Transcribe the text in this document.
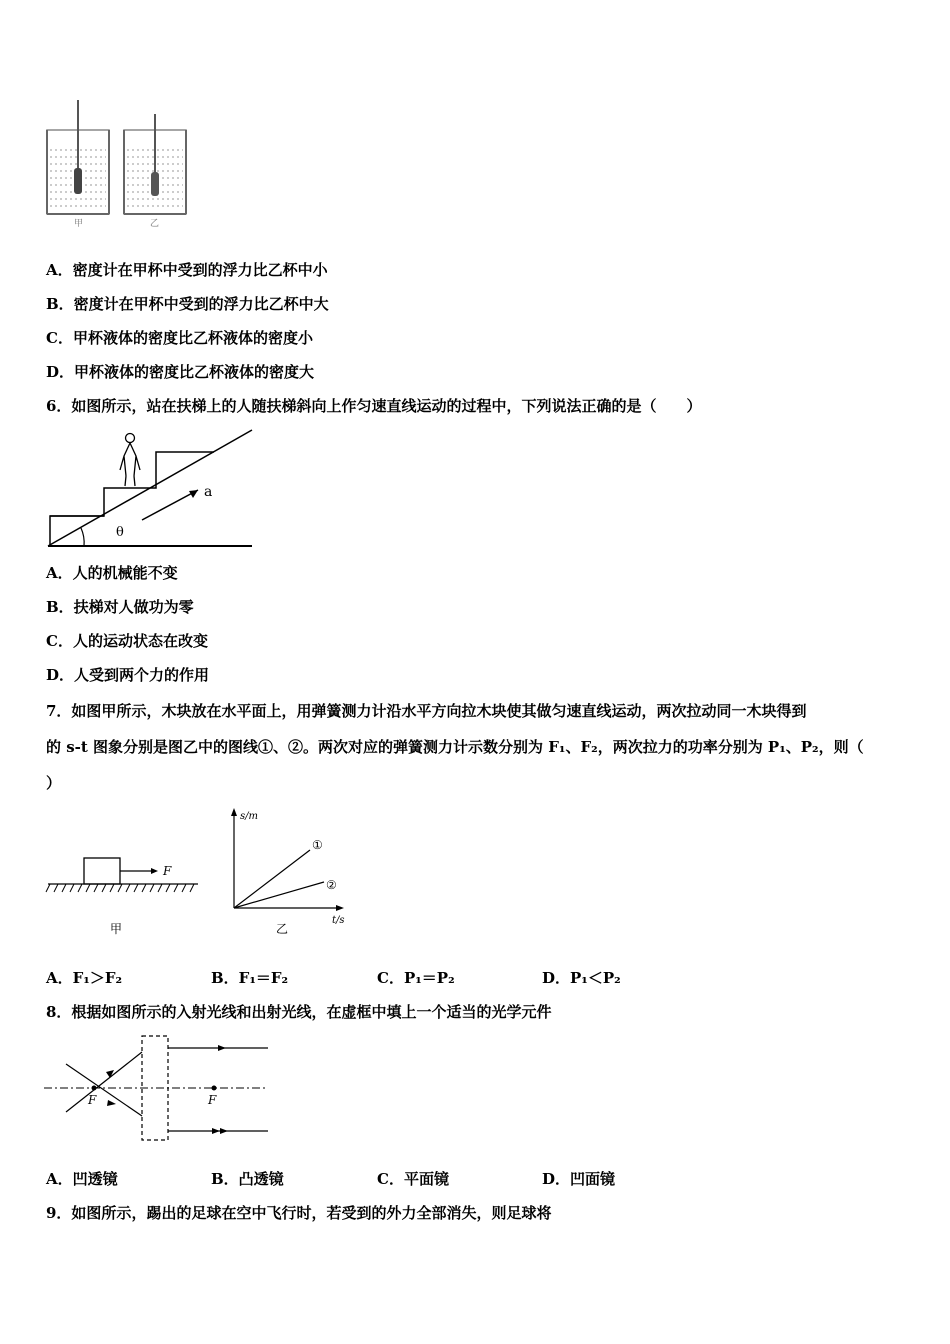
甲	乙
A．密度计在甲杯中受到的浮力比乙杯中小
B．密度计在甲杯中受到的浮力比乙杯中大
C．甲杯液体的密度比乙杯液体的密度小
D．甲杯液体的密度比乙杯液体的密度大
6．如图所示，站在扶梯上的人随扶梯斜向上作匀速直线运动的过程中，下列说法正确的是（　　）
a
θ
A．人的机械能不变
B．扶梯对人做功为零
C．人的运动状态在改变
D．人受到两个力的作用
7．如图甲所示，木块放在水平面上，用弹簧测力计沿水平方向拉木块使其做匀速直线运动，两次拉动同一木块得到
的 s-t 图象分别是图乙中的图线①、②。两次对应的弹簧测力计示数分别为 F₁、F₂，两次拉力的功率分别为 P₁、P₂，则（
）
F
甲
s/m
t/s
①
②
乙
A．F₁＞F₂	B．F₁＝F₂	C．P₁＝P₂	D．P₁＜P₂
8．根据如图所示的入射光线和出射光线，在虚框中填上一个适当的光学元件
F	F
A．凹透镜	B．凸透镜	C．平面镜	D．凹面镜
9．如图所示，踢出的足球在空中飞行时，若受到的外力全部消失，则足球将
